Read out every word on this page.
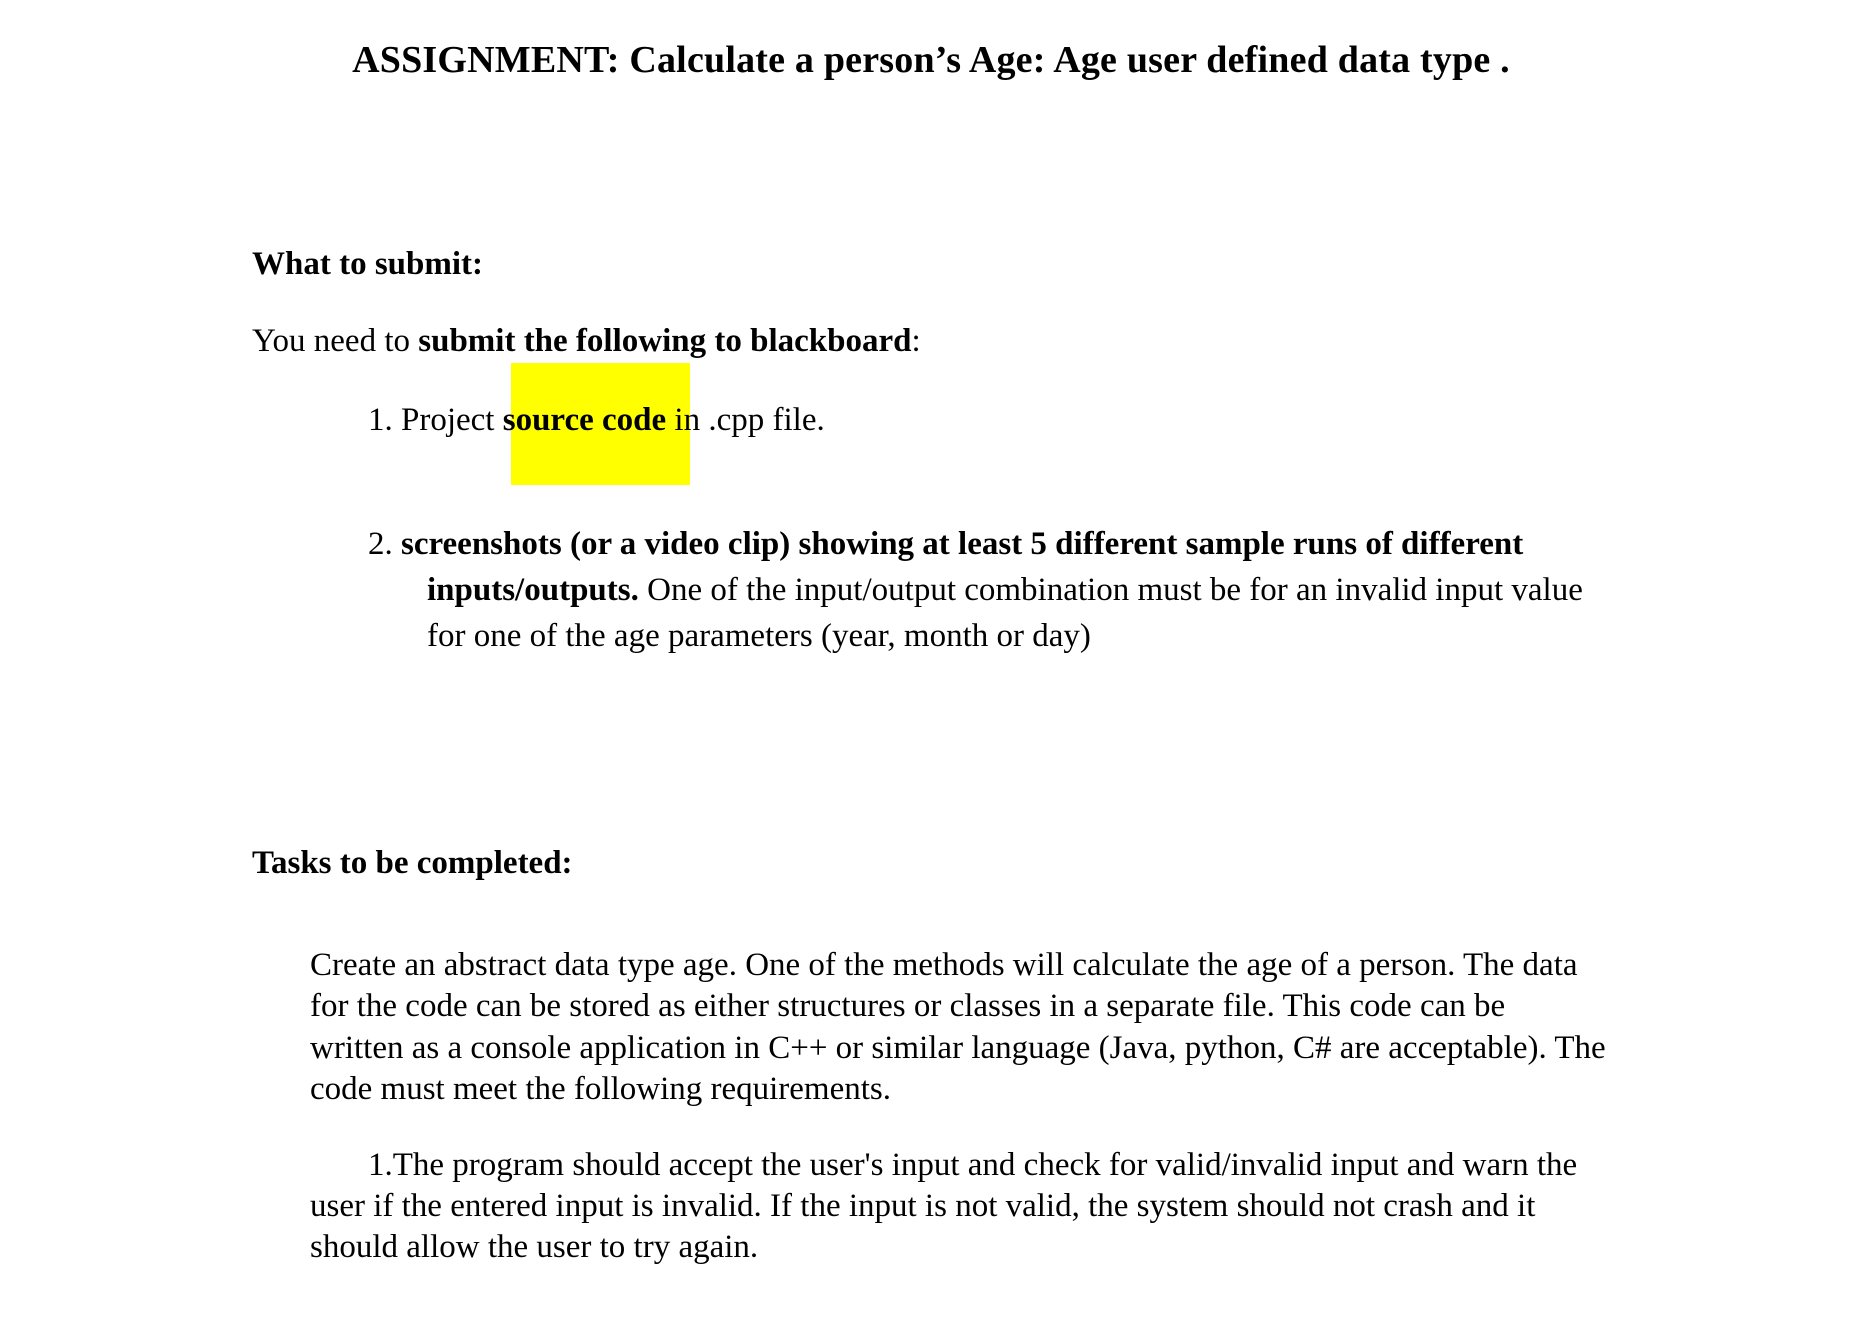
ASSIGNMENT: Calculate a person’s Age: Age user defined data type .
What to submit:
You need to submit the following to blackboard:
1. Project source code in .cpp file.
2. screenshots (or a video clip) showing at least 5 different sample runs of different
inputs/outputs. One of the input/output combination must be for an invalid input value
for one of the age parameters (year, month or day)
Tasks to be completed:
Create an abstract data type age. One of the methods will calculate the age of a person. The data
for the code can be stored as either structures or classes in a separate file. This code can be
written as a console application in C++ or similar language (Java, python, C# are acceptable). The
code must meet the following requirements.
1.The program should accept the user's input and check for valid/invalid input and warn the
user if the entered input is invalid. If the input is not valid, the system should not crash and it
should allow the user to try again.
